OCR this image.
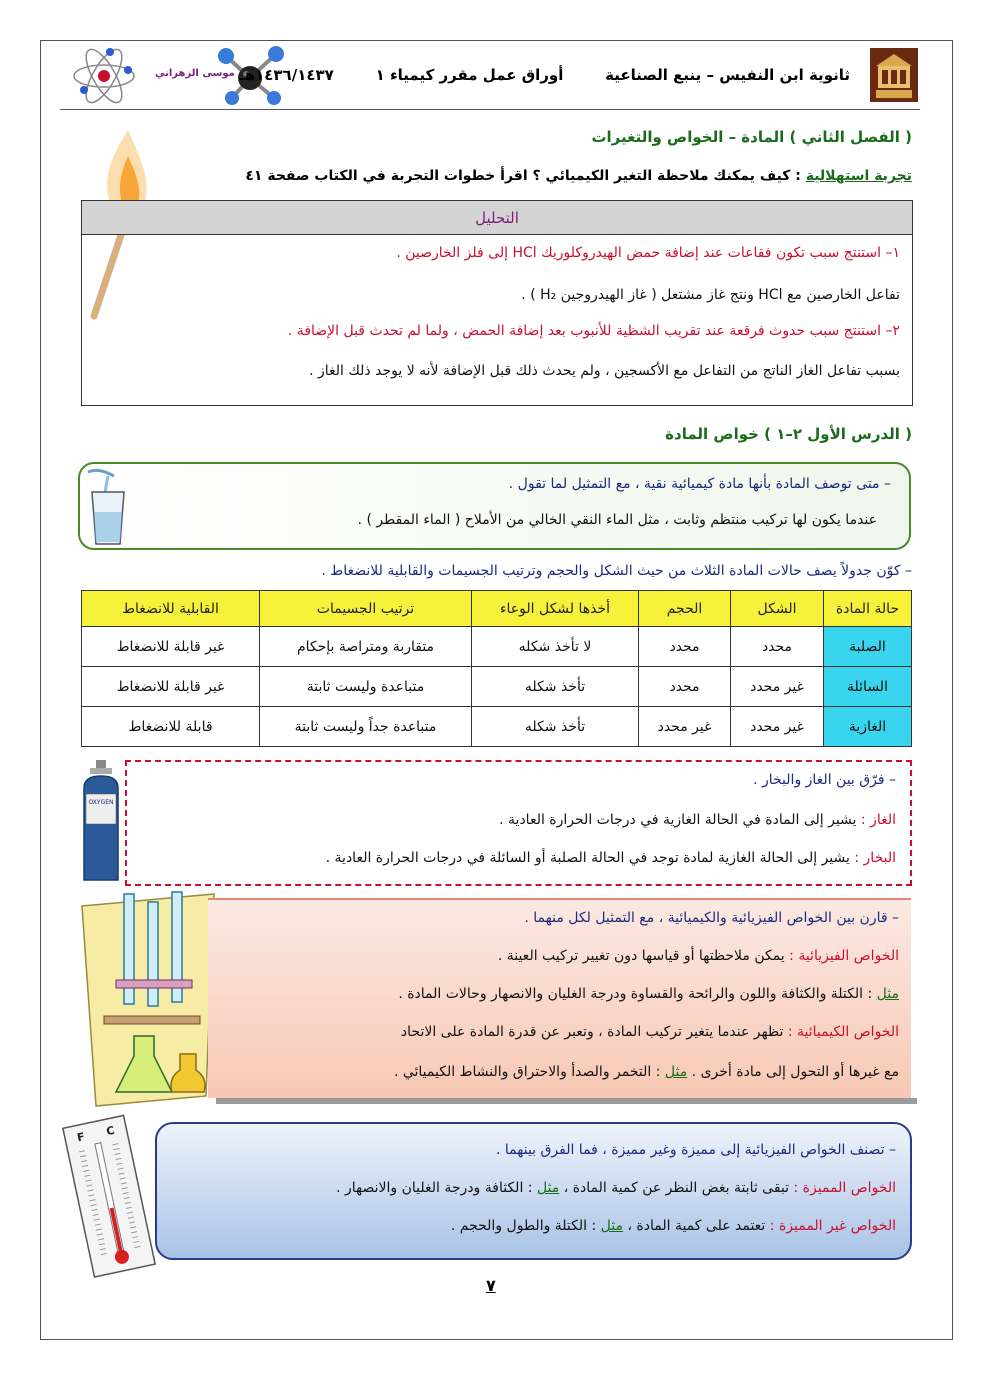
موسى الزهراني	ثانوية ابن النفيس – ينبع الصناعية        أوراق عمل مقرر كيمياء ١        ١٤٣٦/١٤٣٧هـ
( الفصل الثاني ) المادة – الخواص والتغيرات
تجربة استهلالية : كيف يمكنك ملاحظة التغير الكيميائي ؟ اقرأ خطوات التجربة في الكتاب صفحة ٤١
التحليل
١– استنتج سبب تكون فقاعات عند إضافة حمض الهيدروكلوريك HCl إلى فلز الخارصين .
تفاعل الخارصين مع HCl ونتج غاز مشتعل ( غاز الهيدروجين H₂ ) .
٢– استنتج سبب حدوث فرقعة عند تقريب الشظية للأنبوب بعد إضافة الحمض ، ولما لم تحدث قبل الإضافة .
بسبب تفاعل الغاز الناتج من التفاعل مع الأكسجين ، ولم يحدث ذلك قبل الإضافة لأنه لا يوجد ذلك الغاز .
( الدرس الأول ٢–١ ) خواص المادة
– متى توصف المادة بأنها مادة كيميائية نقية ، مع التمثيل لما تقول .
عندما يكون لها تركيب منتظم وثابت ، مثل الماء النقي الخالي من الأملاح ( الماء المقطر ) .
– كوّن جدولاً يصف حالات المادة الثلاث من حيث الشكل والحجم وترتيب الجسيمات والقابلية للانضغاط .
حالة المادة	الشكل	الحجم	أخذها لشكل الوعاء	ترتيب الجسيمات	القابلية للانضغاط
الصلبة	محدد	محدد	لا تأخذ شكله	متقاربة ومتراصة بإحكام	غير قابلة للانضغاط
السائلة	غير محدد	محدد	تأخذ شكله	متباعدة وليست ثابتة	غير قابلة للانضغاط
الغازية	غير محدد	غير محدد	تأخذ شكله	متباعدة جداً وليست ثابتة	قابلة للانضغاط
OXYGEN
– فرّق بين الغاز والبخار .
الغاز : يشير إلى المادة في الحالة الغازية في درجات الحرارة العادية .
البخار : يشير إلى الحالة الغازية لمادة توجد في الحالة الصلبة أو السائلة في درجات الحرارة العادية .
– قارن بين الخواص الفيزيائية والكيميائية ، مع التمثيل لكل منهما .
الخواص الفيزيائية : يمكن ملاحظتها أو قياسها دون تغيير تركيب العينة .
مثل : الكتلة والكثافة واللون والرائحة والقساوة ودرجة الغليان والانصهار وحالات المادة .
الخواص الكيميائية : تظهر عندما يتغير تركيب المادة ، وتعبر عن قدرة المادة على الاتحاد
مع غيرها أو التحول إلى مادة أخرى . مثل : التخمر والصدأ والاحتراق والنشاط الكيميائي .
F C
– تصنف الخواص الفيزيائية إلى مميزة وغير مميزة ، فما الفرق بينهما .
الخواص المميزة : تبقى ثابتة بغض النظر عن كمية المادة ، مثل : الكثافة ودرجة الغليان والانصهار .
الخواص غير المميزة : تعتمد على كمية المادة ، مثل : الكتلة والطول والحجم .
٧
